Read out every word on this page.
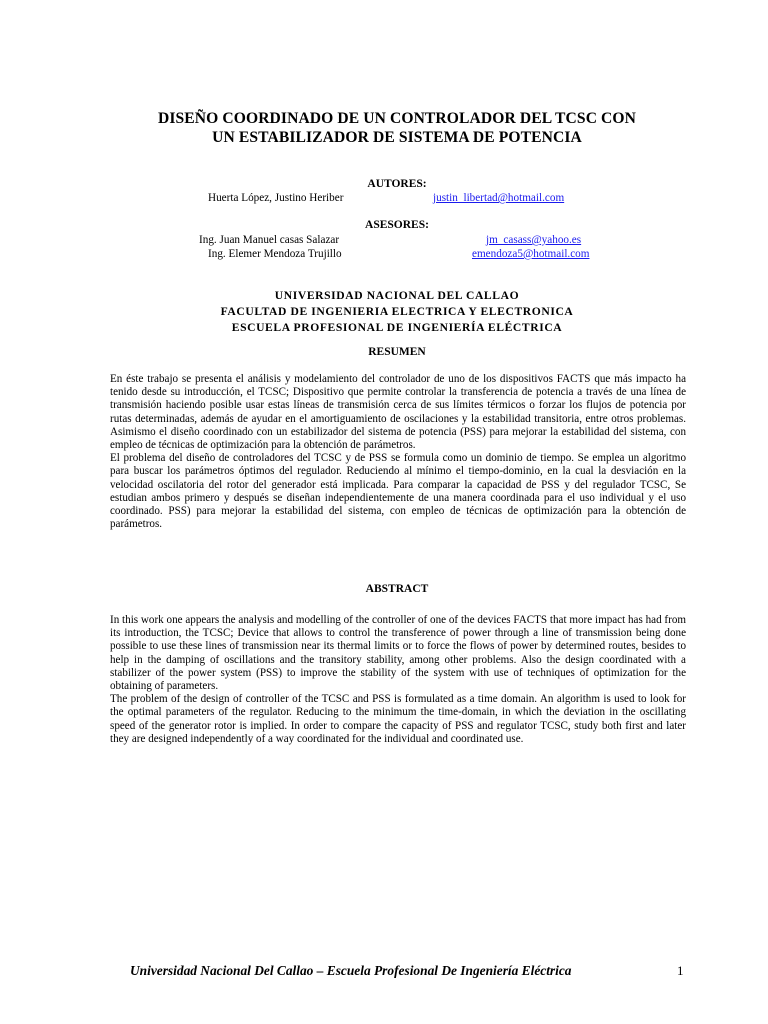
DISEÑO COORDINADO DE UN CONTROLADOR DEL TCSC CON
UN ESTABILIZADOR DE SISTEMA DE POTENCIA
AUTORES:
Huerta López, Justino Heriber	justin_libertad@hotmail.com
ASESORES:
Ing. Juan Manuel casas Salazar	jm_casass@yahoo.es
Ing. Elemer Mendoza Trujillo	emendoza5@hotmail.com
UNIVERSIDAD NACIONAL DEL CALLAO
FACULTAD DE INGENIERIA ELECTRICA Y ELECTRONICA
ESCUELA PROFESIONAL DE INGENIERÍA ELÉCTRICA
RESUMEN

En éste trabajo se presenta el análisis y modelamiento del controlador de uno de los dispositivos FACTS que más impacto ha tenido desde su introducción, el TCSC; Dispositivo que permite controlar la transferencia de potencia a través de una línea de transmisión haciendo posible usar estas líneas de transmisión cerca de sus límites térmicos o forzar los flujos de potencia por rutas determinadas, además de ayudar en el amortiguamiento de oscilaciones y la estabilidad transitoria, entre otros problemas. Asimismo el diseño coordinado con un estabilizador del sistema de potencia (PSS) para mejorar la estabilidad del sistema, con empleo de técnicas de optimización para la obtención de parámetros.

El problema del diseño de controladores del TCSC y de PSS se formula como un dominio de tiempo. Se emplea un algoritmo para buscar los parámetros óptimos del regulador. Reduciendo al mínimo el tiempo-dominio, en la cual la desviación en la velocidad oscilatoria del rotor del generador está implicada. Para comparar la capacidad de PSS y del regulador TCSC, Se estudian ambos primero y después se diseñan independientemente de una manera coordinada para el uso individual y el uso coordinado. PSS) para mejorar la estabilidad del sistema, con empleo de técnicas de optimización para la obtención de parámetros.

ABSTRACT

In this work one appears the analysis and modelling of the controller of one of the devices FACTS that more impact has had from its introduction, the TCSC; Device that allows to control the transference of power through a line of transmission being done possible to use these lines of transmission near its thermal limits or to force the flows of power by determined routes, besides to help in the damping of oscillations and the transitory stability, among other problems. Also the design coordinated with a stabilizer of the power system (PSS) to improve the stability of the system with use of techniques of optimization for the obtaining of parameters.

The problem of the design of controller of the TCSC and PSS is formulated as a time domain. An algorithm is used to look for the optimal parameters of the regulator. Reducing to the minimum the time-domain, in which the deviation in the oscillating speed of the generator rotor is implied. In order to compare the capacity of PSS and regulator TCSC, study both first and later they are designed independently of a way coordinated for the individual and coordinated use.

Universidad Nacional Del Callao – Escuela Profesional De Ingeniería Eléctrica	1
